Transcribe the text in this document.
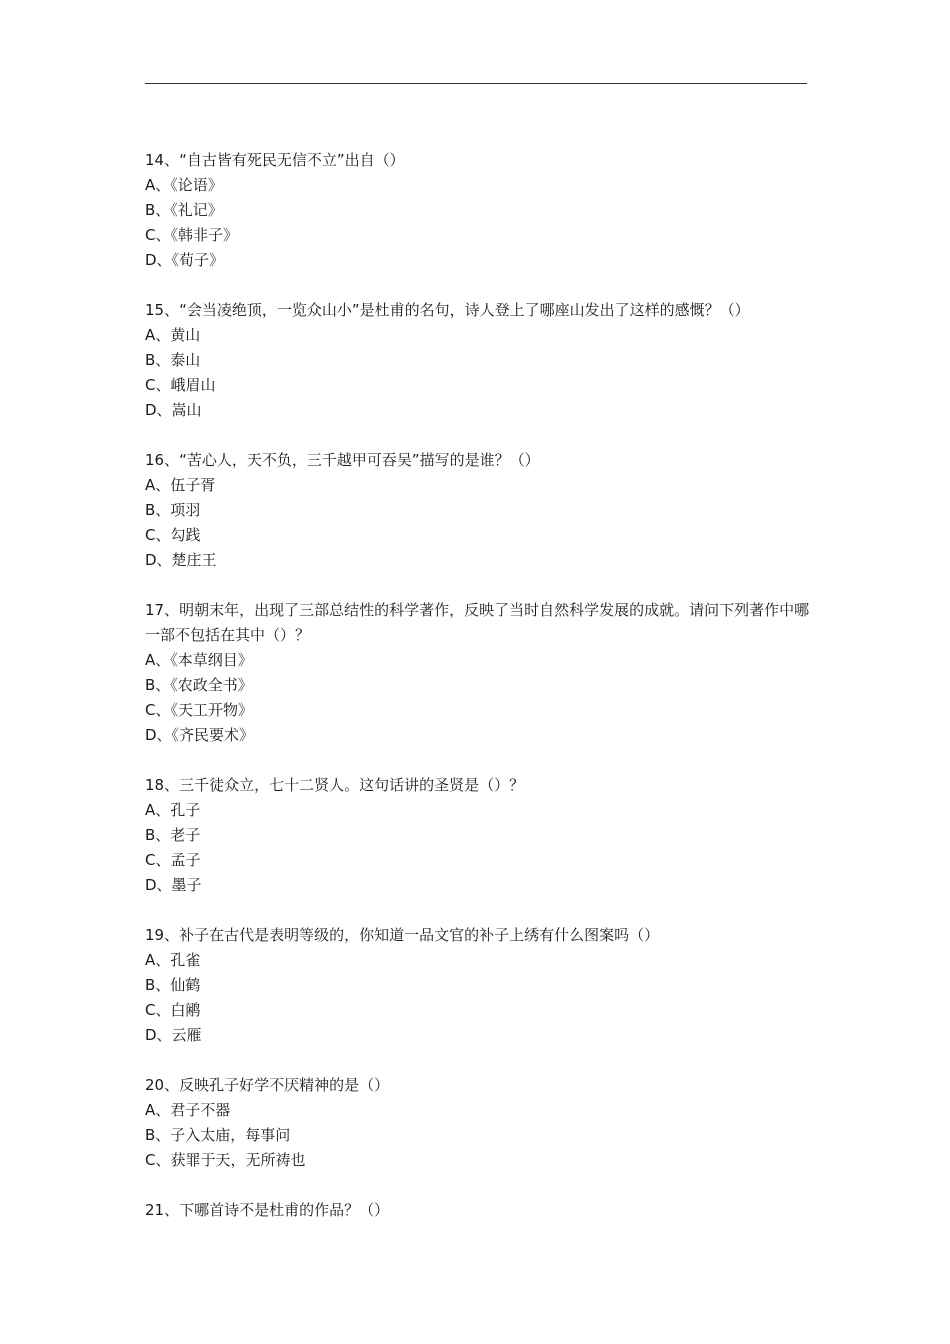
14、“自古皆有死民无信不立”出自（）

A、《论语》

B、《礼记》

C、《韩非子》

D、《荀子》

15、“会当凌绝顶，一览众山小”是杜甫的名句，诗人登上了哪座山发出了这样的感慨？（）

A、黄山

B、泰山

C、峨眉山

D、嵩山

16、“苦心人，天不负，三千越甲可吞吴”描写的是谁？（）

A、伍子胥

B、项羽

C、勾践

D、楚庄王

17、明朝末年，出现了三部总结性的科学著作，反映了当时自然科学发展的成就。请问下列著作中哪一部不包括在其中（）？

A、《本草纲目》

B、《农政全书》

C、《天工开物》

D、《齐民要术》

18、三千徒众立，七十二贤人。这句话讲的圣贤是（）？

A、孔子

B、老子

C、孟子

D、墨子

19、补子在古代是表明等级的，你知道一品文官的补子上绣有什么图案吗（）

A、孔雀

B、仙鹤

C、白鹇

D、云雁

20、反映孔子好学不厌精神的是（）

A、君子不器

B、子入太庙，每事问

C、获罪于天，无所祷也

21、下哪首诗不是杜甫的作品？（）
